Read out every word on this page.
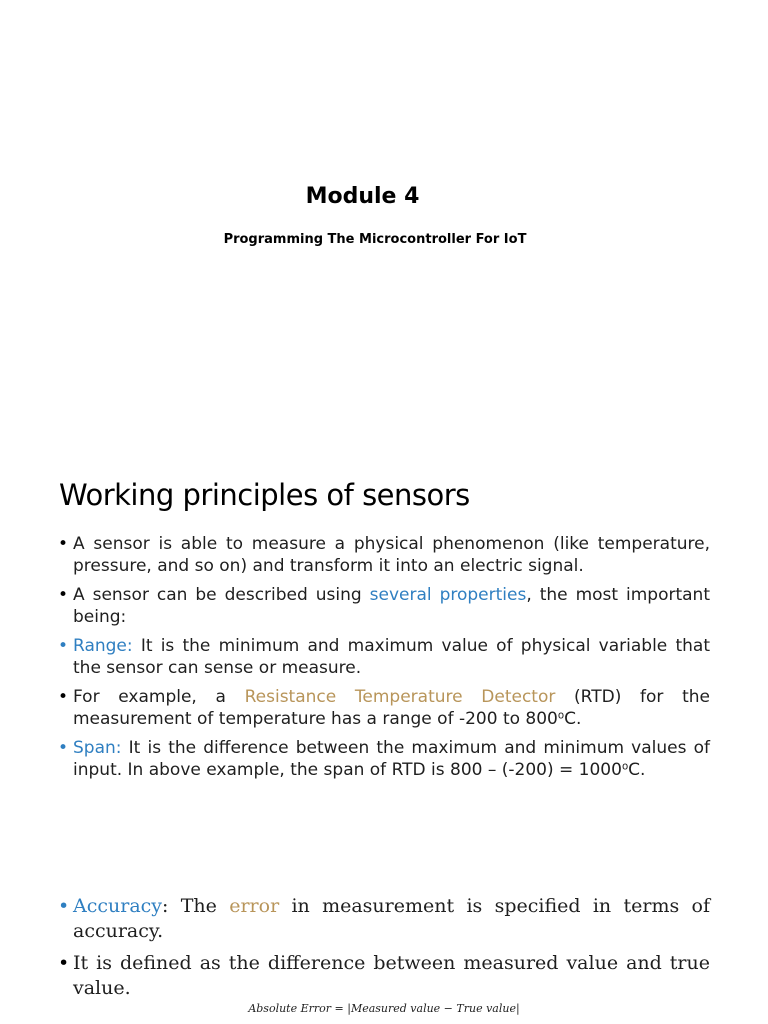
Module 4
Programming The Microcontroller For IoT
Working principles of sensors
• A sensor is able to measure a physical phenomenon (like temperature, pressure, and so on) and transform it into an electric signal.
• A sensor can be described using several properties, the most important being:
• Range: It is the minimum and maximum value of physical variable that the sensor can sense or measure.
• For example, a Resistance Temperature Detector (RTD) for the measurement of temperature has a range of -200 to 800$^o$C.
• Span: It is the difference between the maximum and minimum values of input. In above example, the span of RTD is $800 - (-200) = 1000^oC$.
• Accuracy: The error in measurement is specified in terms of accuracy.
• It is defined as the difference between measured value and true value.
Absolute Error = |Measured value − True value|
